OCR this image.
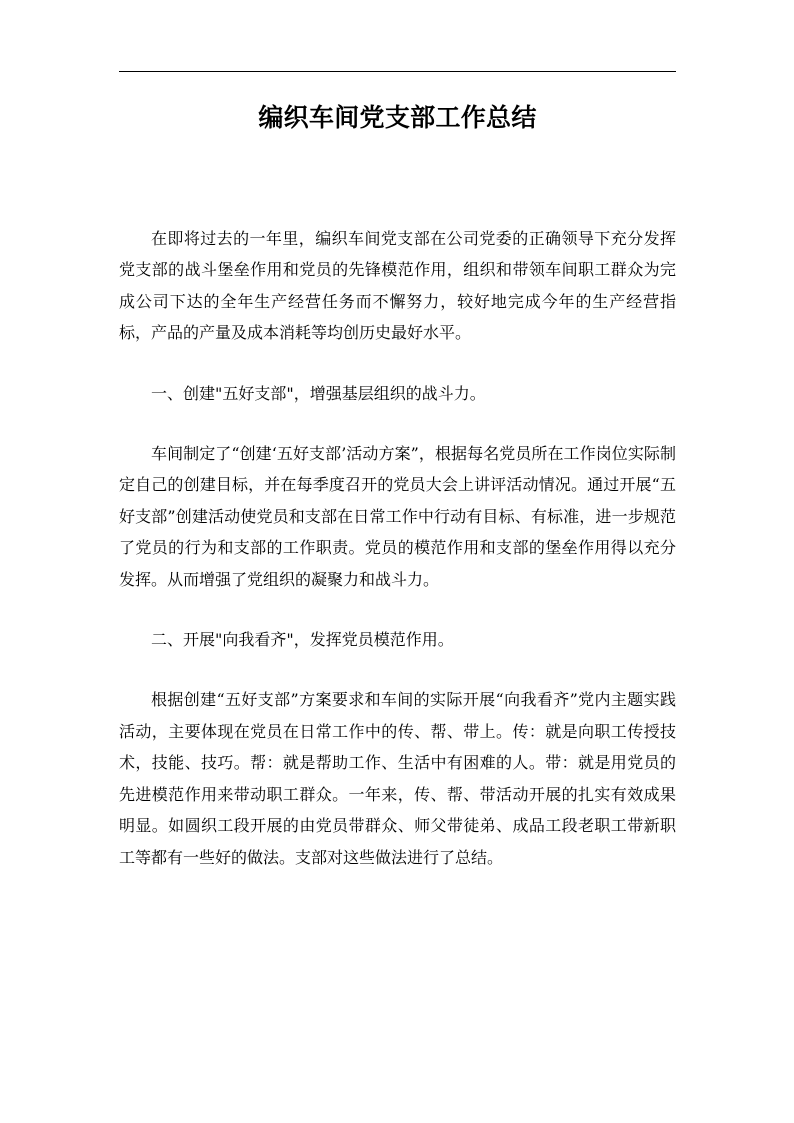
编织车间党支部工作总结

在即将过去的一年里，编织车间党支部在公司党委的正确领导下充分发挥党支部的战斗堡垒作用和党员的先锋模范作用，组织和带领车间职工群众为完成公司下达的全年生产经营任务而不懈努力，较好地完成今年的生产经营指标，产品的产量及成本消耗等均创历史最好水平。

一、创建"五好支部"，增强基层组织的战斗力。

车间制定了“创建‘五好支部’活动方案”，根据每名党员所在工作岗位实际制定自己的创建目标，并在每季度召开的党员大会上讲评活动情况。通过开展“五好支部”创建活动使党员和支部在日常工作中行动有目标、有标准，进一步规范了党员的行为和支部的工作职责。党员的模范作用和支部的堡垒作用得以充分发挥。从而增强了党组织的凝聚力和战斗力。

二、开展"向我看齐"，发挥党员模范作用。

根据创建“五好支部”方案要求和车间的实际开展“向我看齐”党内主题实践活动，主要体现在党员在日常工作中的传、帮、带上。传：就是向职工传授技术，技能、技巧。帮：就是帮助工作、生活中有困难的人。带：就是用党员的先进模范作用来带动职工群众。一年来，传、帮、带活动开展的扎实有效成果明显。如圆织工段开展的由党员带群众、师父带徒弟、成品工段老职工带新职工等都有一些好的做法。支部对这些做法进行了总结。
